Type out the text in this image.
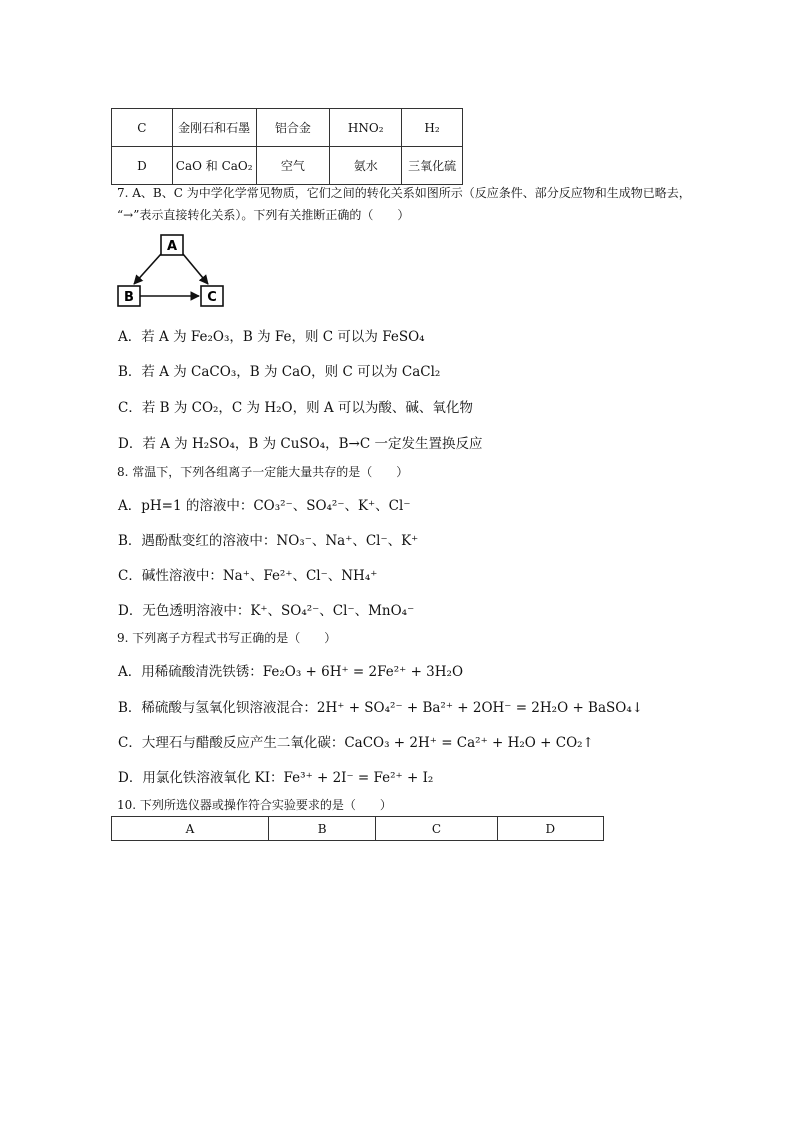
C	金刚石和石墨	铝合金	HNO₂	H₂
D	CaO 和 CaO₂	空气	氨水	三氧化硫
7. A、B、C 为中学化学常见物质，它们之间的转化关系如图所示（反应条件、部分反应物和生成物已略去，
“→”表示直接转化关系）。下列有关推断正确的（　　）
A
B	C
A．若 A 为 Fe₂O₃，B 为 Fe，则 C 可以为 FeSO₄
B．若 A 为 CaCO₃，B 为 CaO，则 C 可以为 CaCl₂
C．若 B 为 CO₂，C 为 H₂O，则 A 可以为酸、碱、氧化物
D．若 A 为 H₂SO₄，B 为 CuSO₄，B→C 一定发生置换反应
8. 常温下，下列各组离子一定能大量共存的是（　　）
A．pH=1 的溶液中：CO₃²⁻、SO₄²⁻、K⁺、Cl⁻
B．遇酚酞变红的溶液中：NO₃⁻、Na⁺、Cl⁻、K⁺
C．碱性溶液中：Na⁺、Fe²⁺、Cl⁻、NH₄⁺
D．无色透明溶液中：K⁺、SO₄²⁻、Cl⁻、MnO₄⁻
9. 下列离子方程式书写正确的是（　　）
A．用稀硫酸清洗铁锈：Fe₂O₃ + 6H⁺ = 2Fe²⁺ + 3H₂O
B．稀硫酸与氢氧化钡溶液混合：2H⁺ + SO₄²⁻ + Ba²⁺ + 2OH⁻ = 2H₂O + BaSO₄↓
C．大理石与醋酸反应产生二氧化碳：CaCO₃ + 2H⁺ = Ca²⁺ + H₂O + CO₂↑
D．用氯化铁溶液氧化 KI：Fe³⁺ + 2I⁻ = Fe²⁺ + I₂
10. 下列所选仪器或操作符合实验要求的是（　　）
A	B	C	D
